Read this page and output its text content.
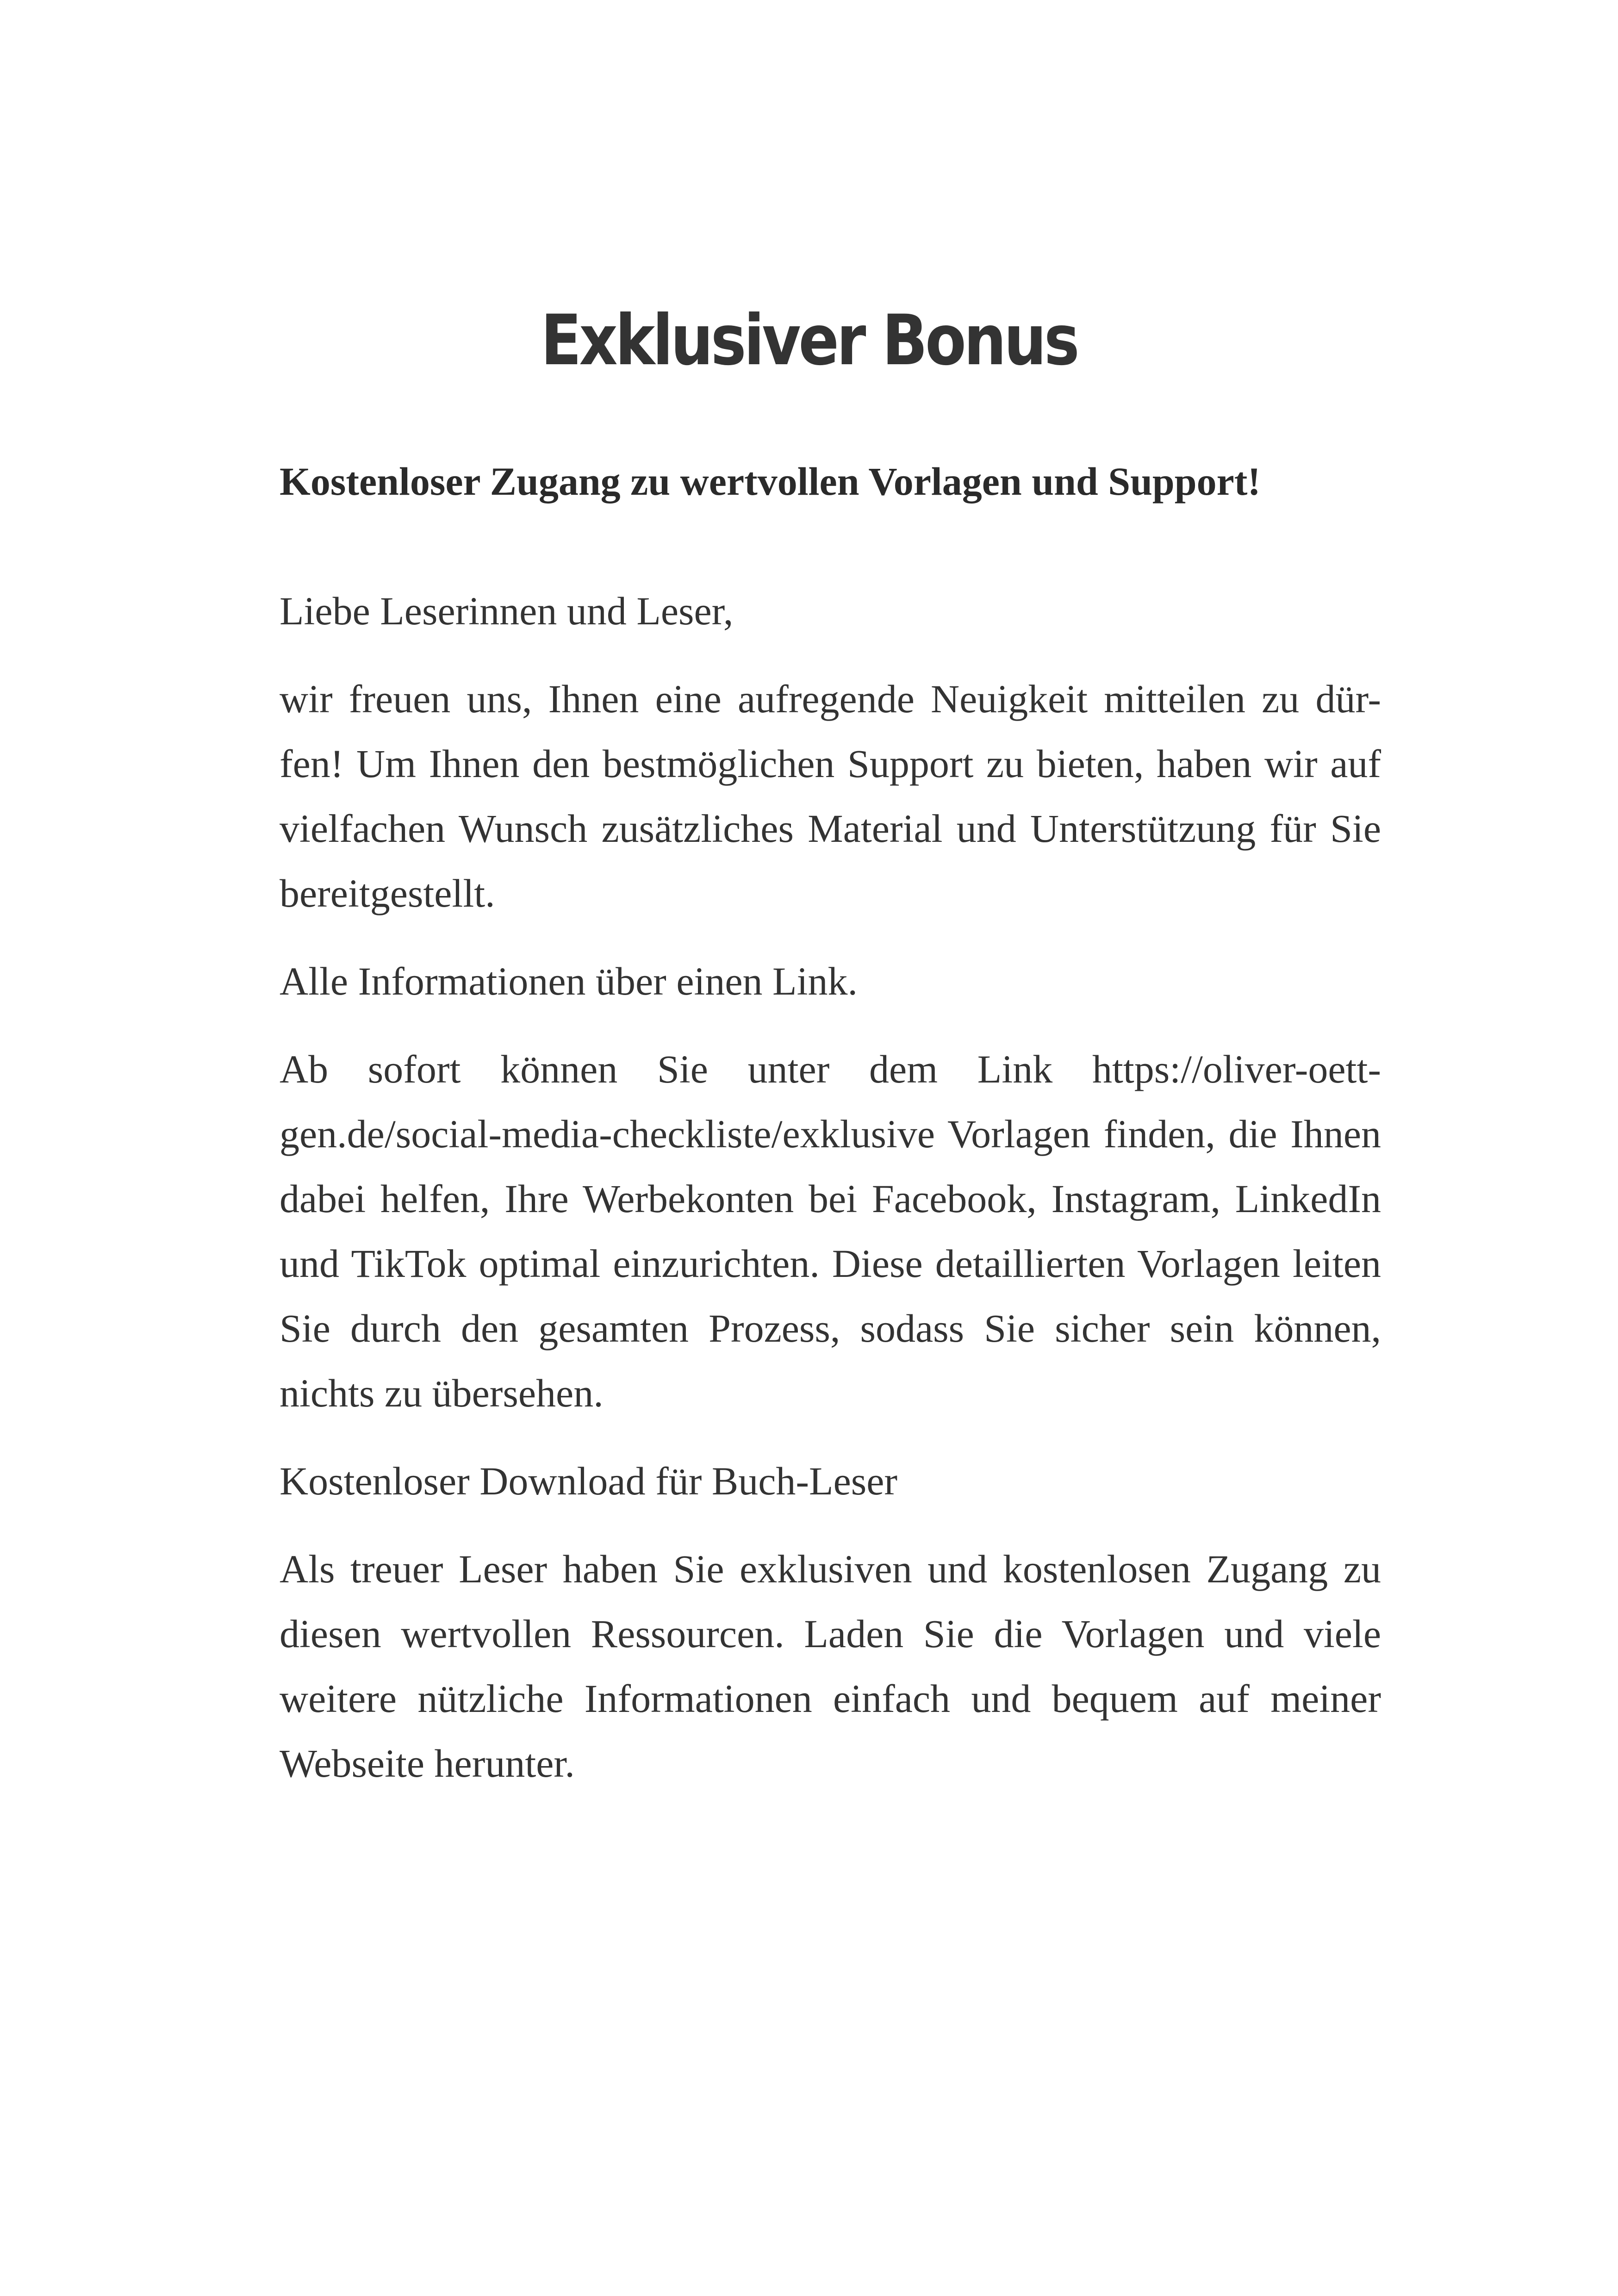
Exklusiver Bonus

Kostenloser Zugang zu wertvollen Vorlagen und Support!

Liebe Leserinnen und Leser,

wir freuen uns, Ihnen eine aufregende Neuigkeit mitteilen zu dür-fen! Um Ihnen den bestmöglichen Support zu bieten, haben wir auf vielfachen Wunsch zusätzliches Material und Unterstützung für Sie bereitgestellt.

Alle Informationen über einen Link.

Ab sofort können Sie unter dem Link https://oliver-oett-gen.de/social-media-checkliste/exklusive Vorlagen finden, die Ihnen dabei helfen, Ihre Werbekonten bei Facebook, Instagram, LinkedIn und TikTok optimal einzurichten. Diese detaillierten Vorlagen leiten Sie durch den gesamten Prozess, sodass Sie sicher sein können, nichts zu übersehen.

Kostenloser Download für Buch-Leser

Als treuer Leser haben Sie exklusiven und kostenlosen Zugang zu diesen wertvollen Ressourcen. Laden Sie die Vorlagen und viele weitere nützliche Informationen einfach und bequem auf meiner Webseite herunter.
